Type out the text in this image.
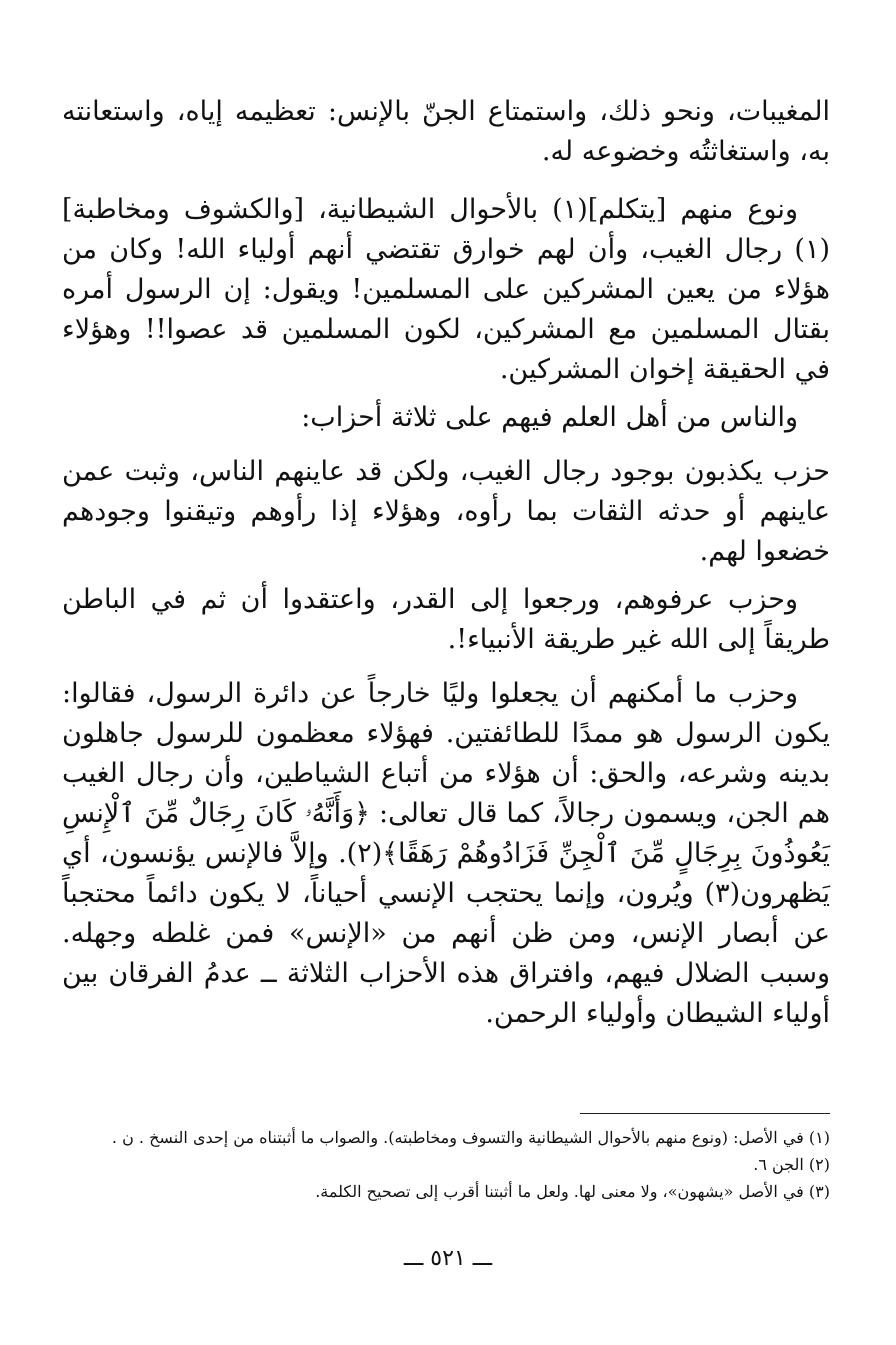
المغيبات، ونحو ذلك، واستمتاع الجنّ بالإنس: تعظيمه إياه، واستعانته به، واستغاثتُه وخضوعه له.

ونوع منهم [يتكلم](١) بالأحوال الشيطانية، [والكشوف ومخاطبة](١) رجال الغيب، وأن لهم خوارق تقتضي أنهم أولياء الله! وكان من هؤلاء من يعين المشركين على المسلمين! ويقول: إن الرسول أمره بقتال المسلمين مع المشركين، لكون المسلمين قد عصوا!! وهؤلاء في الحقيقة إخوان المشركين.

والناس من أهل العلم فيهم على ثلاثة أحزاب:

حزب يكذبون بوجود رجال الغيب، ولكن قد عاينهم الناس، وثبت عمن عاينهم أو حدثه الثقات بما رأوه، وهؤلاء إذا رأوهم وتيقنوا وجودهم خضعوا لهم.

وحزب عرفوهم، ورجعوا إلى القدر، واعتقدوا أن ثم في الباطن طريقاً إلى الله غير طريقة الأنبياء!.

وحزب ما أمكنهم أن يجعلوا وليًا خارجاً عن دائرة الرسول، فقالوا: يكون الرسول هو ممدًا للطائفتين. فهؤلاء معظمون للرسول جاهلون بدينه وشرعه، والحق: أن هؤلاء من أتباع الشياطين، وأن رجال الغيب هم الجن، ويسمون رجالاً، كما قال تعالى: ﴿وَأَنَّهُۥ كَانَ رِجَالٌ مِّنَ ٱلْإِنسِ يَعُوذُونَ بِرِجَالٍ مِّنَ ٱلْجِنِّ فَزَادُوهُمْ رَهَقًا﴾(٢). وإلاَّ فالإنس يؤنسون، أي يَظهرون(٣) ويُرون، وإنما يحتجب الإنسي أحياناً، لا يكون دائماً محتجباً عن أبصار الإنس، ومن ظن أنهم من «الإنس» فمن غلطه وجهله. وسبب الضلال فيهم، وافتراق هذه الأحزاب الثلاثة ــ عدمُ الفرقان بين أولياء الشيطان وأولياء الرحمن.

(١) في الأصل: (ونوع منهم بالأحوال الشيطانية والتسوف ومخاطبته). والصواب ما أثبتناه من إحدى النسخ . ن .

(٢) الجن ٦.

(٣) في الأصل «يشهون»، ولا معنى لها. ولعل ما أثبتنا أقرب إلى تصحيح الكلمة.

ـــ ٥٢١ ـــ
